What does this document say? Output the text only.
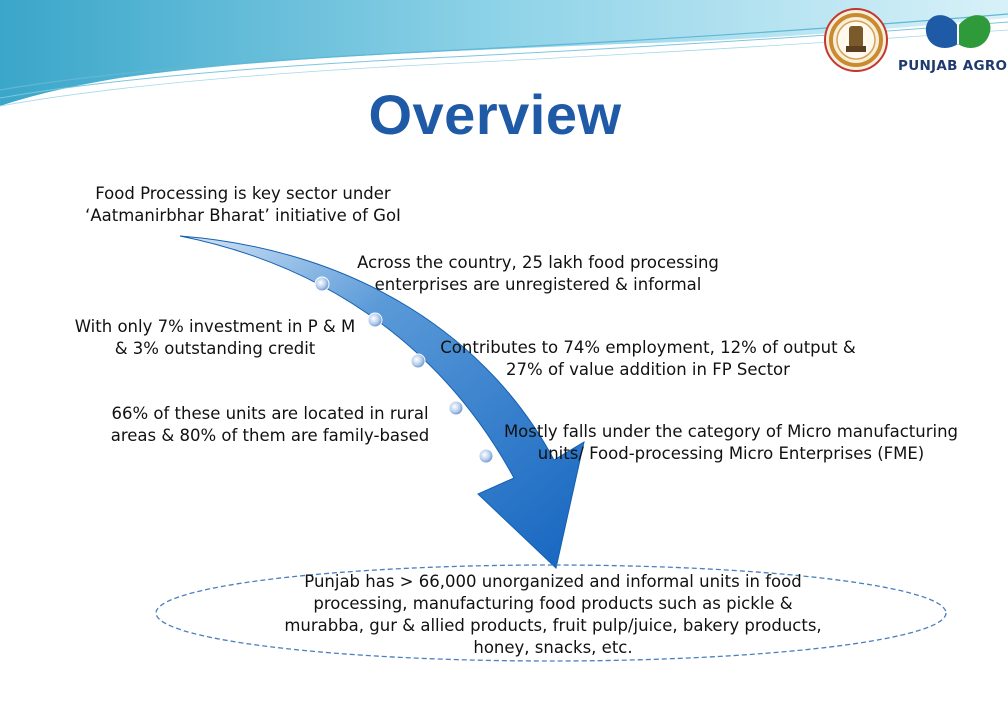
PUNJAB AGRO
Overview
Food Processing is key sector under
‘Aatmanirbhar Bharat’ initiative of GoI
Across the country, 25 lakh food processing
enterprises are unregistered & informal
With only 7% investment in P & M
& 3% outstanding credit	Contributes to 74% employment, 12% of output &
27% of value addition in FP Sector
66% of these units are located in rural
areas & 80% of them are family-based	Mostly falls under the category of Micro manufacturing
units/ Food-processing Micro Enterprises (FME)
Punjab has > 66,000 unorganized and informal units in food
processing, manufacturing food products such as pickle &
murabba, gur & allied products, fruit pulp/juice, bakery products,
honey, snacks, etc.
